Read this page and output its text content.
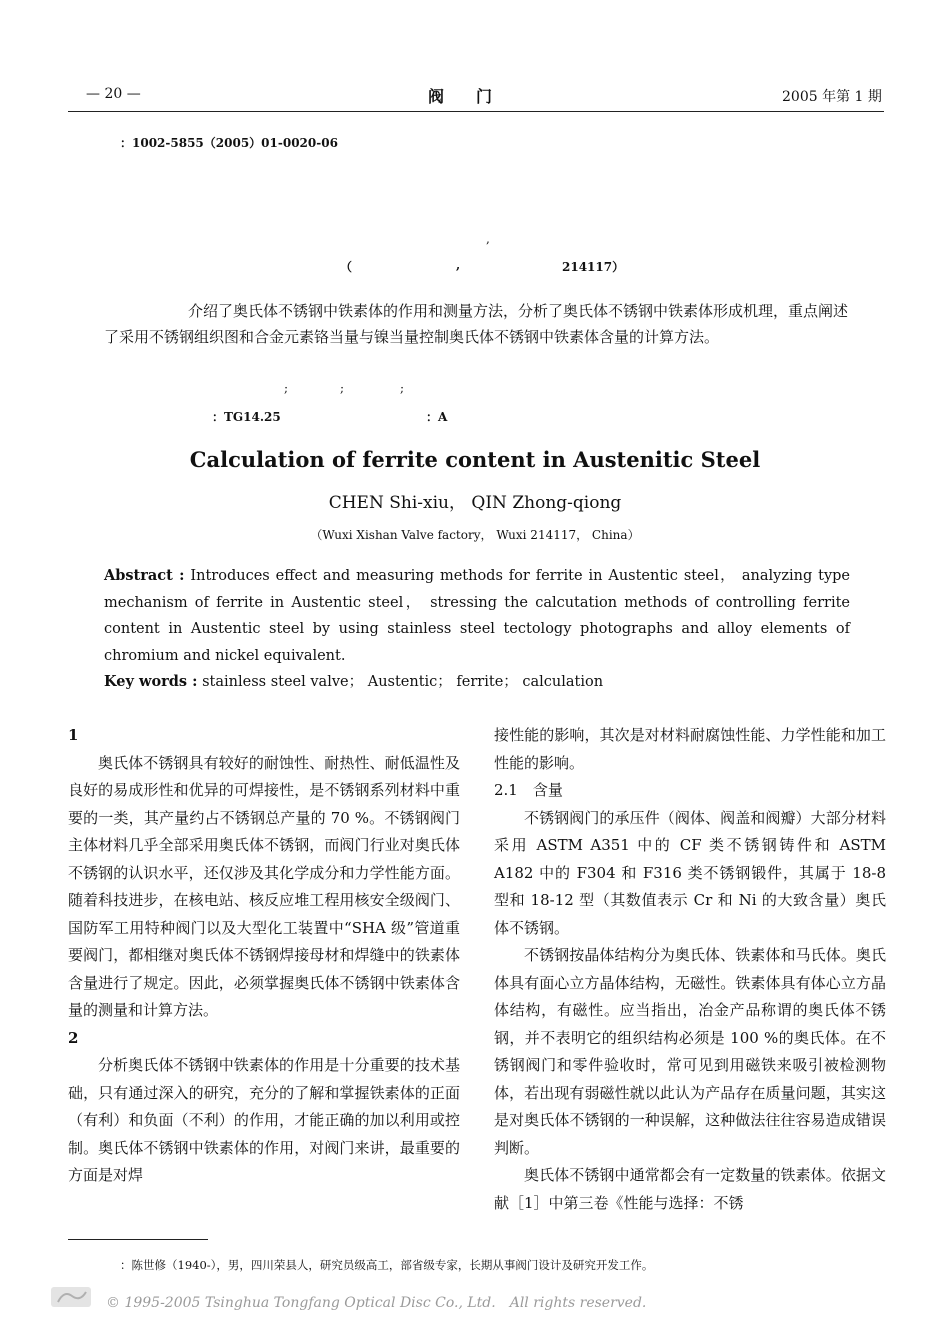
— 20 —	阀　　门	2005 年第 1 期
：1002-5855（2005）01-0020-06
,
（	,	214117）
介绍了奥氏体不锈钢中铁素体的作用和测量方法，分析了奥氏体不锈钢中铁素体形成机理，重点阐述了采用不锈钢组织图和合金元素铬当量与镍当量控制奥氏体不锈钢中铁素体含量的计算方法。
;	;	;
：TG14.25	：A
Calculation of ferrite content in Austenitic Steel
CHEN Shi-xiu， QIN Zhong-qiong
（Wuxi Xishan Valve factory， Wuxi 214117， China）
Abstract : Introduces effect and measuring methods for ferrite in Austentic steel， analyzing type mechanism of ferrite in Austentic steel， stressing the calcutation methods of controlling ferrite content in Austentic steel by using stainless steel tectology photographs and alloy elements of chromium and nickel equivalent.
Key words : stainless steel valve； Austentic； ferrite； calculation

1

奥氏体不锈钢具有较好的耐蚀性、耐热性、耐低温性及良好的易成形性和优异的可焊接性，是不锈钢系列材料中重要的一类，其产量约占不锈钢总产量的 70 %。不锈钢阀门主体材料几乎全部采用奥氏体不锈钢，而阀门行业对奥氏体不锈钢的认识水平，还仅涉及其化学成分和力学性能方面。随着科技进步，在核电站、核反应堆工程用核安全级阀门、国防军工用特种阀门以及大型化工装置中“SHA 级”管道重要阀门，都相继对奥氏体不锈钢焊接母材和焊缝中的铁素体含量进行了规定。因此，必须掌握奥氏体不锈钢中铁素体含量的测量和计算方法。

2

分析奥氏体不锈钢中铁素体的作用是十分重要的技术基础，只有通过深入的研究，充分的了解和掌握铁素体的正面（有利）和负面（不利）的作用，才能正确的加以利用或控制。奥氏体不锈钢中铁素体的作用，对阀门来讲，最重要的方面是对焊

接性能的影响，其次是对材料耐腐蚀性能、力学性能和加工性能的影响。

2.1　含量

不锈钢阀门的承压件（阀体、阀盖和阀瓣）大部分材料采用 ASTM A351 中的 CF 类不锈钢铸件和 ASTM A182 中的 F304 和 F316 类不锈钢锻件，其属于 18-8 型和 18-12 型（其数值表示 Cr 和 Ni 的大致含量）奥氏体不锈钢。

不锈钢按晶体结构分为奥氏体、铁素体和马氏体。奥氏体具有面心立方晶体结构，无磁性。铁素体具有体心立方晶体结构，有磁性。应当指出，冶金产品称谓的奥氏体不锈钢，并不表明它的组织结构必须是 100 %的奥氏体。在不锈钢阀门和零件验收时，常可见到用磁铁来吸引被检测物体，若出现有弱磁性就以此认为产品存在质量问题，其实这是对奥氏体不锈钢的一种误解，这种做法往往容易造成错误判断。

奥氏体不锈钢中通常都会有一定数量的铁素体。依据文献［1］中第三卷《性能与选择：不锈

：陈世修（1940-），男，四川荣县人，研究员级高工，部省级专家，长期从事阀门设计及研究开发工作。
© 1995-2005 Tsinghua Tongfang Optical Disc Co., Ltd.　All rights reserved.
